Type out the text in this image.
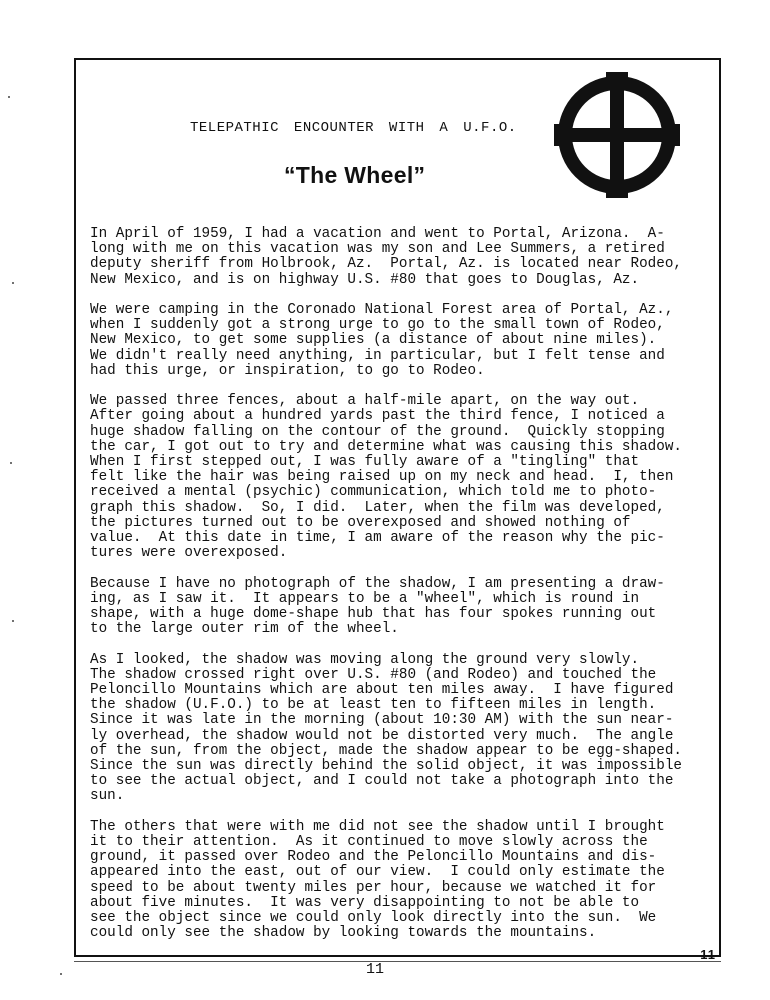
TELEPATHIC ENCOUNTER WITH A U.F.O.
“The Wheel”

In April of 1959, I had a vacation and went to Portal, Arizona.  A-
long with me on this vacation was my son and Lee Summers, a retired
deputy sheriff from Holbrook, Az.  Portal, Az. is located near Rodeo,
New Mexico, and is on highway U.S. #80 that goes to Douglas, Az.

We were camping in the Coronado National Forest area of Portal, Az.,
when I suddenly got a strong urge to go to the small town of Rodeo,
New Mexico, to get some supplies (a distance of about nine miles).
We didn't really need anything, in particular, but I felt tense and
had this urge, or inspiration, to go to Rodeo.

We passed three fences, about a half-mile apart, on the way out.
After going about a hundred yards past the third fence, I noticed a
huge shadow falling on the contour of the ground.  Quickly stopping
the car, I got out to try and determine what was causing this shadow.
When I first stepped out, I was fully aware of a "tingling" that
felt like the hair was being raised up on my neck and head.  I, then
received a mental (psychic) communication, which told me to photo-
graph this shadow.  So, I did.  Later, when the film was developed,
the pictures turned out to be overexposed and showed nothing of
value.  At this date in time, I am aware of the reason why the pic-
tures were overexposed.

Because I have no photograph of the shadow, I am presenting a draw-
ing, as I saw it.  It appears to be a "wheel", which is round in
shape, with a huge dome-shape hub that has four spokes running out
to the large outer rim of the wheel.

As I looked, the shadow was moving along the ground very slowly.
The shadow crossed right over U.S. #80 (and Rodeo) and touched the
Peloncillo Mountains which are about ten miles away.  I have figured
the shadow (U.F.O.) to be at least ten to fifteen miles in length.
Since it was late in the morning (about 10:30 AM) with the sun near-
ly overhead, the shadow would not be distorted very much.  The angle
of the sun, from the object, made the shadow appear to be egg-shaped.
Since the sun was directly behind the solid object, it was impossible
to see the actual object, and I could not take a photograph into the
sun.

The others that were with me did not see the shadow until I brought
it to their attention.  As it continued to move slowly across the
ground, it passed over Rodeo and the Peloncillo Mountains and dis-
appeared into the east, out of our view.  I could only estimate the
speed to be about twenty miles per hour, because we watched it for
about five minutes.  It was very disappointing to not be able to
see the object since we could only look directly into the sun.  We
could only see the shadow by looking towards the mountains.

11
11
